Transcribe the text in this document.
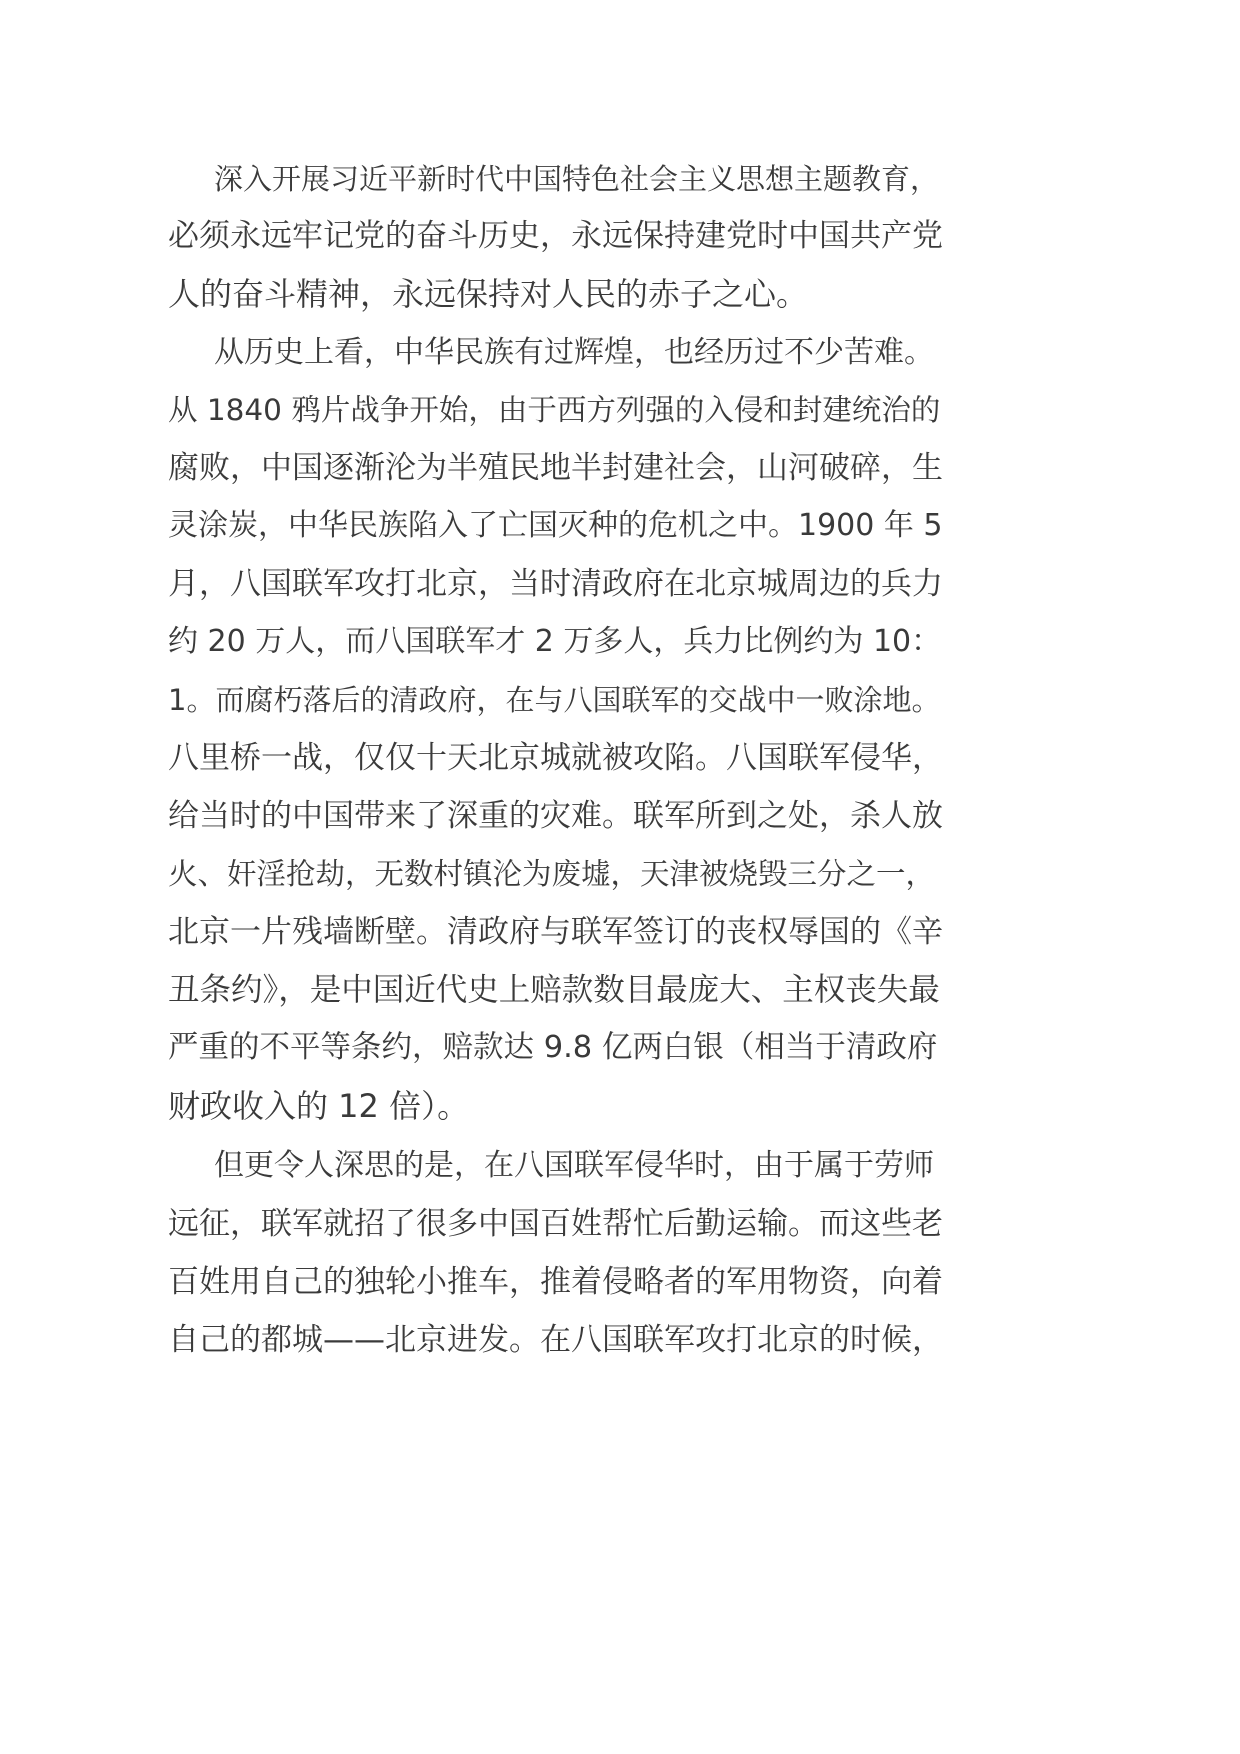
深入开展习近平新时代中国特色社会主义思想主题教育，
必须永远牢记党的奋斗历史，永远保持建党时中国共产党
人的奋斗精神，永远保持对人民的赤子之心。
从历史上看，中华民族有过辉煌，也经历过不少苦难。
从 1840 鸦片战争开始，由于西方列强的入侵和封建统治的
腐败，中国逐渐沦为半殖民地半封建社会，山河破碎，生
灵涂炭，中华民族陷入了亡国灭种的危机之中。1900 年 5
月，八国联军攻打北京，当时清政府在北京城周边的兵力
约 20 万人，而八国联军才 2 万多人，兵力比例约为 10：
1。而腐朽落后的清政府，在与八国联军的交战中一败涂地。
八里桥一战，仅仅十天北京城就被攻陷。八国联军侵华，
给当时的中国带来了深重的灾难。联军所到之处，杀人放
火、奸淫抢劫，无数村镇沦为废墟，天津被烧毁三分之一，
北京一片残墙断壁。清政府与联军签订的丧权辱国的《辛
丑条约》，是中国近代史上赔款数目最庞大、主权丧失最
严重的不平等条约，赔款达 9.8 亿两白银（相当于清政府
财政收入的 12 倍）。
但更令人深思的是，在八国联军侵华时，由于属于劳师
远征，联军就招了很多中国百姓帮忙后勤运输。而这些老
百姓用自己的独轮小推车，推着侵略者的军用物资，向着
自己的都城——北京进发。在八国联军攻打北京的时候，
